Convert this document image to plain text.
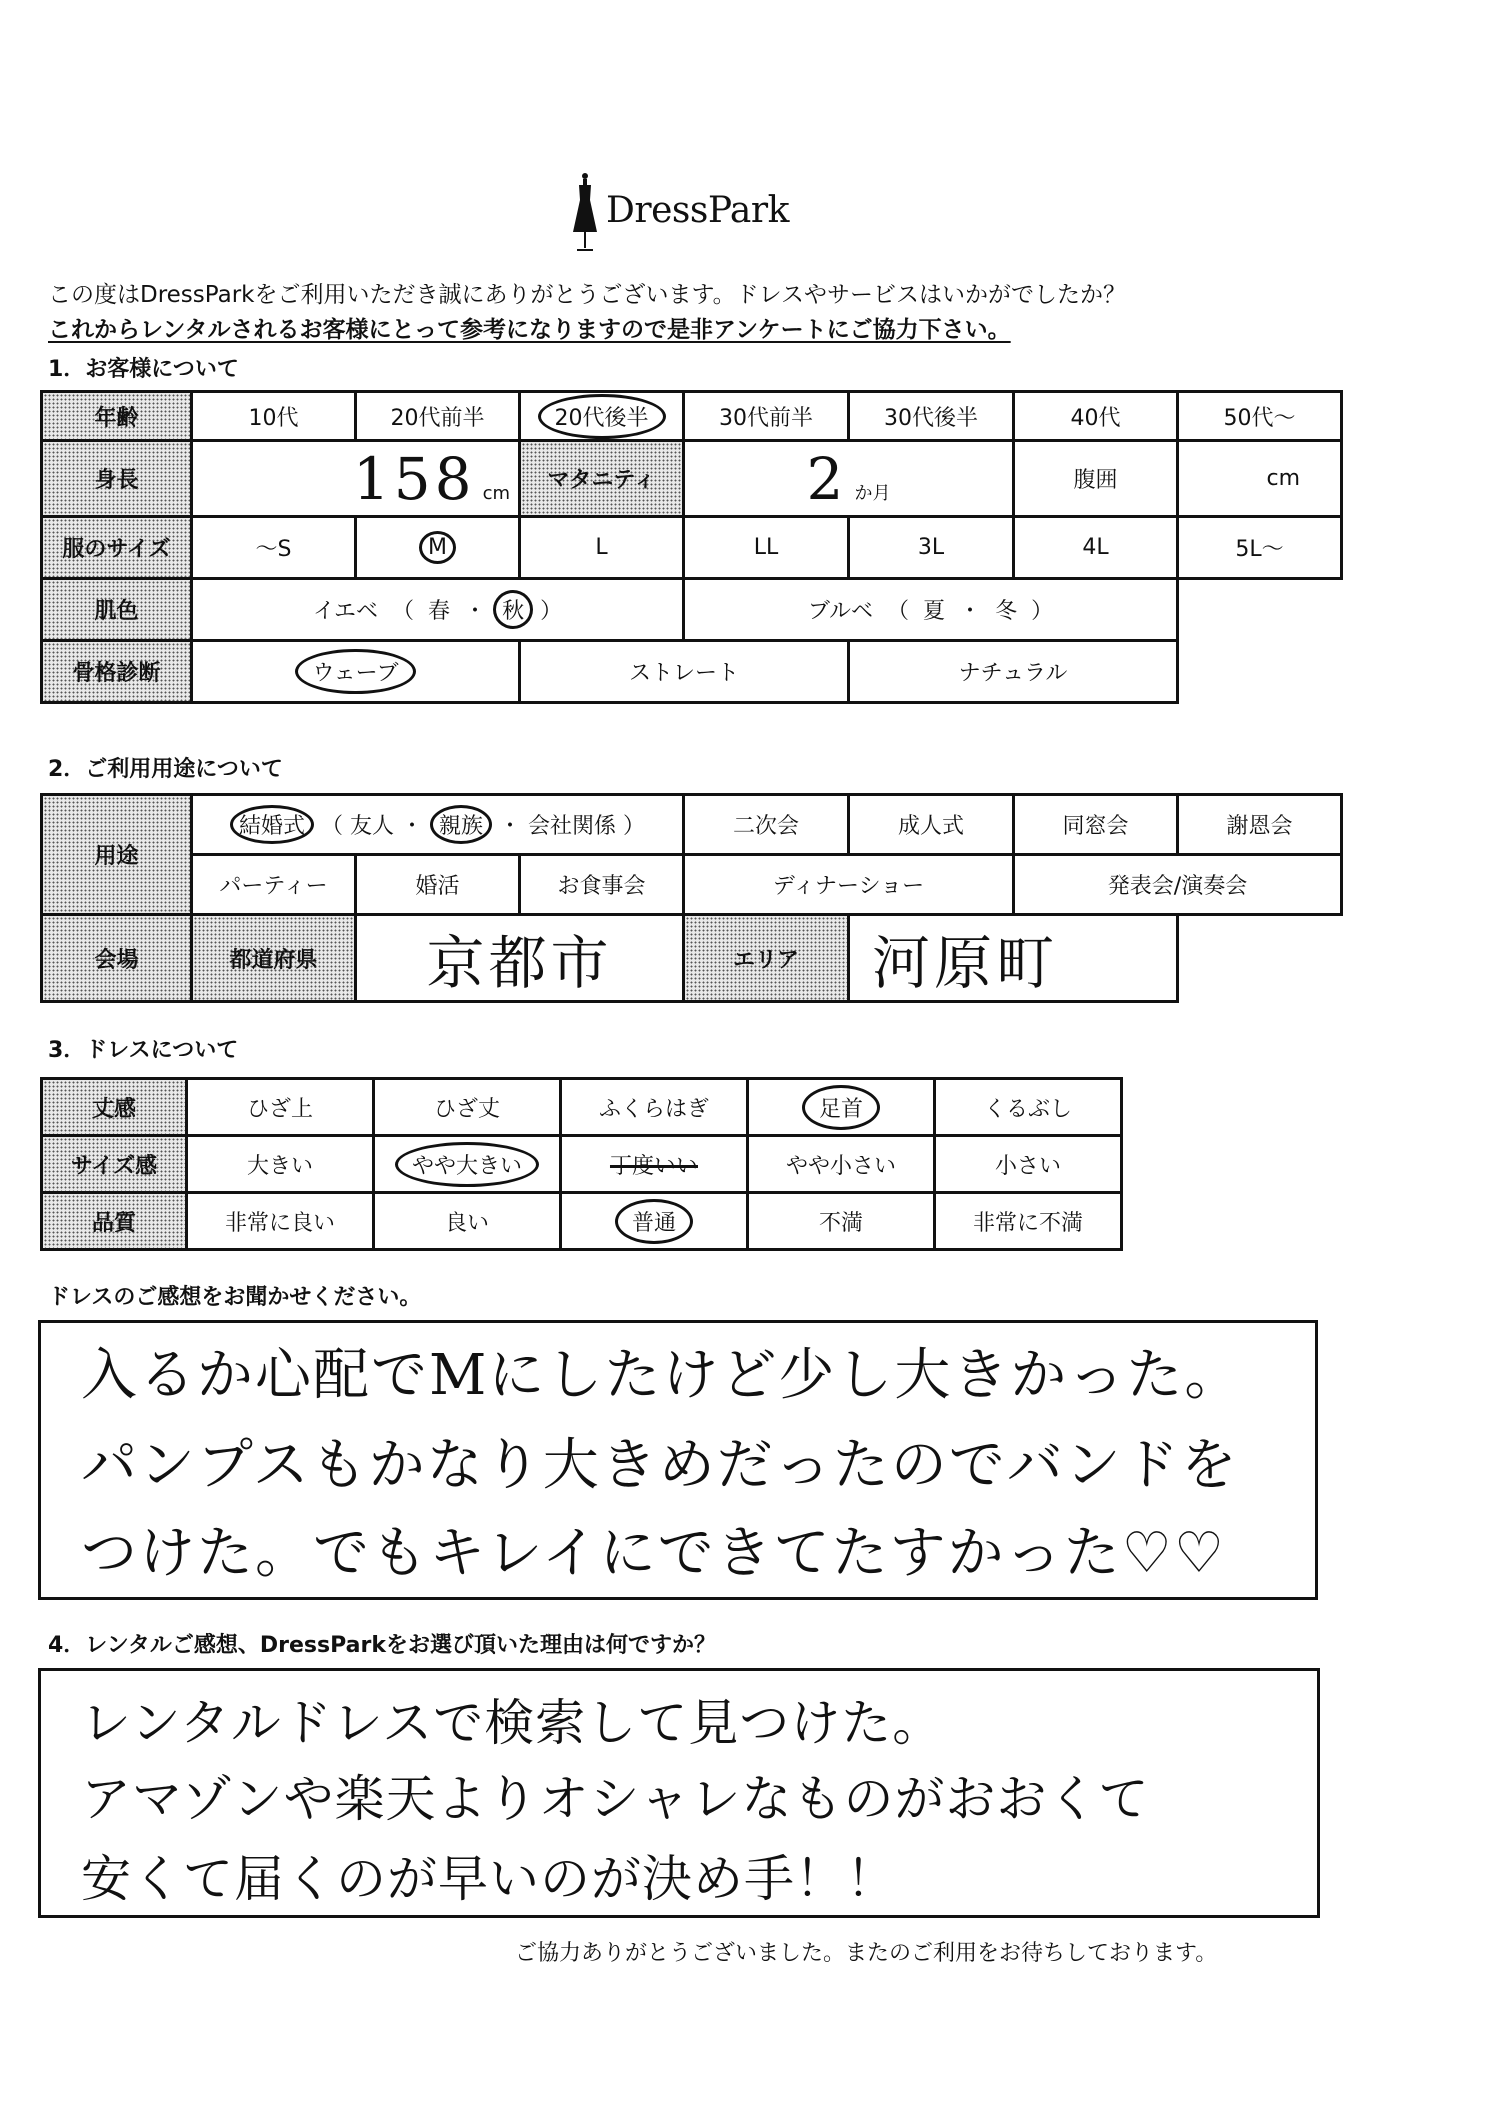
DressPark
この度はDressParkをご利用いただき誠にありがとうございます。ドレスやサービスはいかがでしたか？
これからレンタルされるお客様にとって参考になりますので是非アンケートにご協力下さい。
1．お客様について
年齢	10代	20代前半	20代後半	30代前半	30代後半	40代	50代～
身長	158 cm		マタニティ	2 か月		腹囲	cm
服のサイズ	～S	M	L	LL	3L	4L	5L～
肌色	イエベ （ 春 ・ 秋 ）			ブルベ （ 夏 ・ 冬 ）			
骨格診断	ウェーブ		ストレート		ナチュラル		
2．ご利用用途について
用途	結婚式 （ 友人 ・ 親族 ・ 会社関係 ）			二次会	成人式	同窓会	謝恩会
	パーティー	婚活	お食事会	ディナーショー		発表会/演奏会	
会場	都道府県	京都市		エリア	河原町		
3．ドレスについて
丈感	ひざ上	ひざ丈	ふくらはぎ	足首	くるぶし
サイズ感	大きい	やや大きい	丁度いい	やや小さい	小さい
品質	非常に良い	良い	普通	不満	非常に不満
ドレスのご感想をお聞かせください。
入るか心配でMにしたけど少し大きかった。
パンプスもかなり大きめだったのでバンドを
つけた。でもキレイにできてたすかった♡♡
4．レンタルご感想、DressParkをお選び頂いた理由は何ですか？
レンタルドレスで検索して見つけた。
アマゾンや楽天よりオシャレなものがおおくて
安くて届くのが早いのが決め手！！
ご協力ありがとうございました。またのご利用をお待ちしております。
